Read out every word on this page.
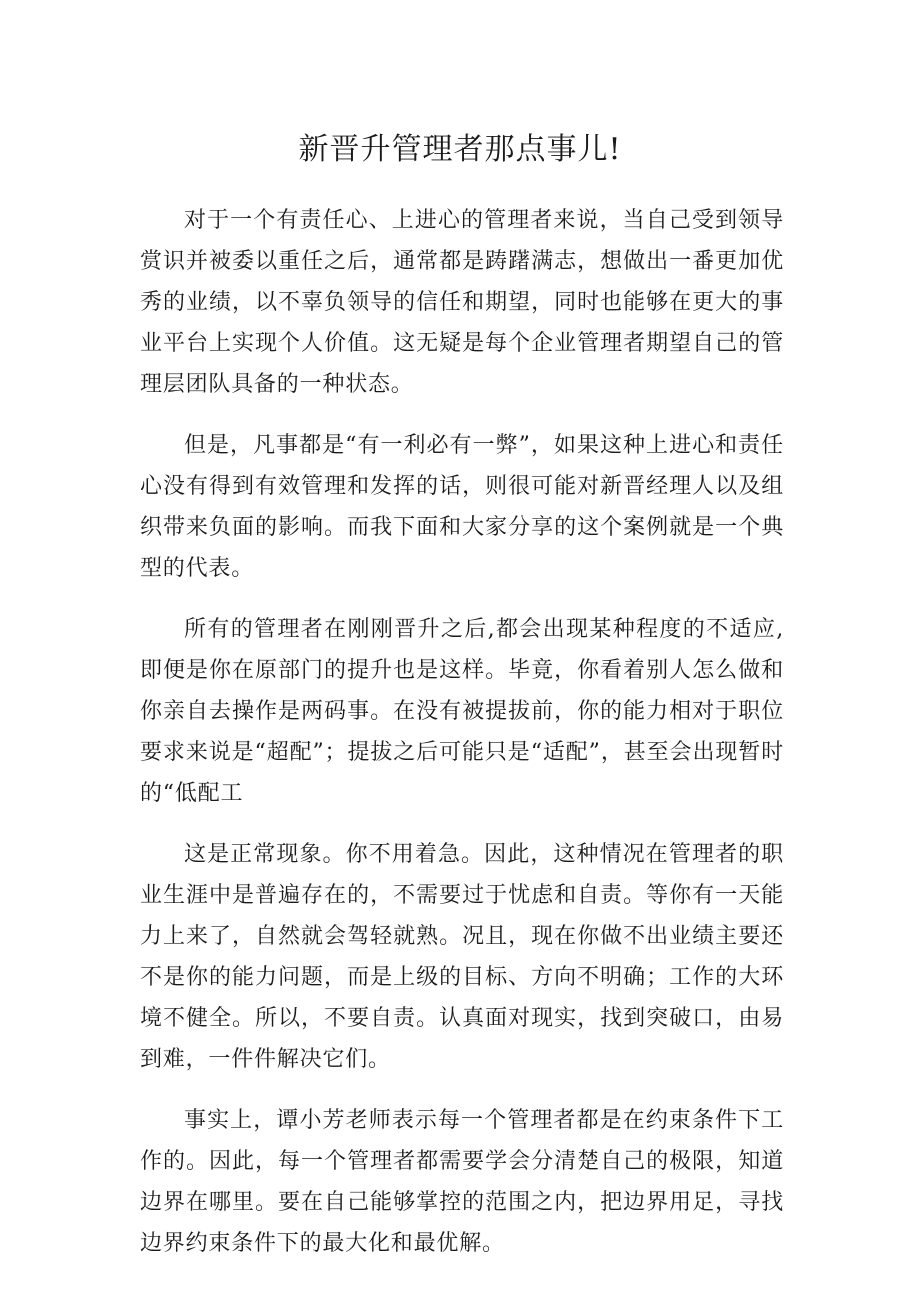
新晋升管理者那点事儿!

对于一个有责任心、上进心的管理者来说，当自己受到领导赏识并被委以重任之后，通常都是踌躇满志，想做出一番更加优秀的业绩，以不辜负领导的信任和期望，同时也能够在更大的事业平台上实现个人价值。这无疑是每个企业管理者期望自己的管理层团队具备的一种状态。

但是，凡事都是“有一利必有一弊”，如果这种上进心和责任心没有得到有效管理和发挥的话，则很可能对新晋经理人以及组织带来负面的影响。而我下面和大家分享的这个案例就是一个典型的代表。

所有的管理者在刚刚晋升之后,都会出现某种程度的不适应,即便是你在原部门的提升也是这样。毕竟，你看着别人怎么做和你亲自去操作是两码事。在没有被提拔前，你的能力相对于职位要求来说是“超配”；提拔之后可能只是“适配”，甚至会出现暂时的“低配工

这是正常现象。你不用着急。因此，这种情况在管理者的职业生涯中是普遍存在的，不需要过于忧虑和自责。等你有一天能力上来了，自然就会驾轻就熟。况且，现在你做不出业绩主要还不是你的能力问题，而是上级的目标、方向不明确；工作的大环境不健全。所以，不要自责。认真面对现实，找到突破口，由易到难，一件件解决它们。

事实上，谭小芳老师表示每一个管理者都是在约束条件下工作的。因此，每一个管理者都需要学会分清楚自己的极限，知道边界在哪里。要在自己能够掌控的范围之内，把边界用足，寻找边界约束条件下的最大化和最优解。
